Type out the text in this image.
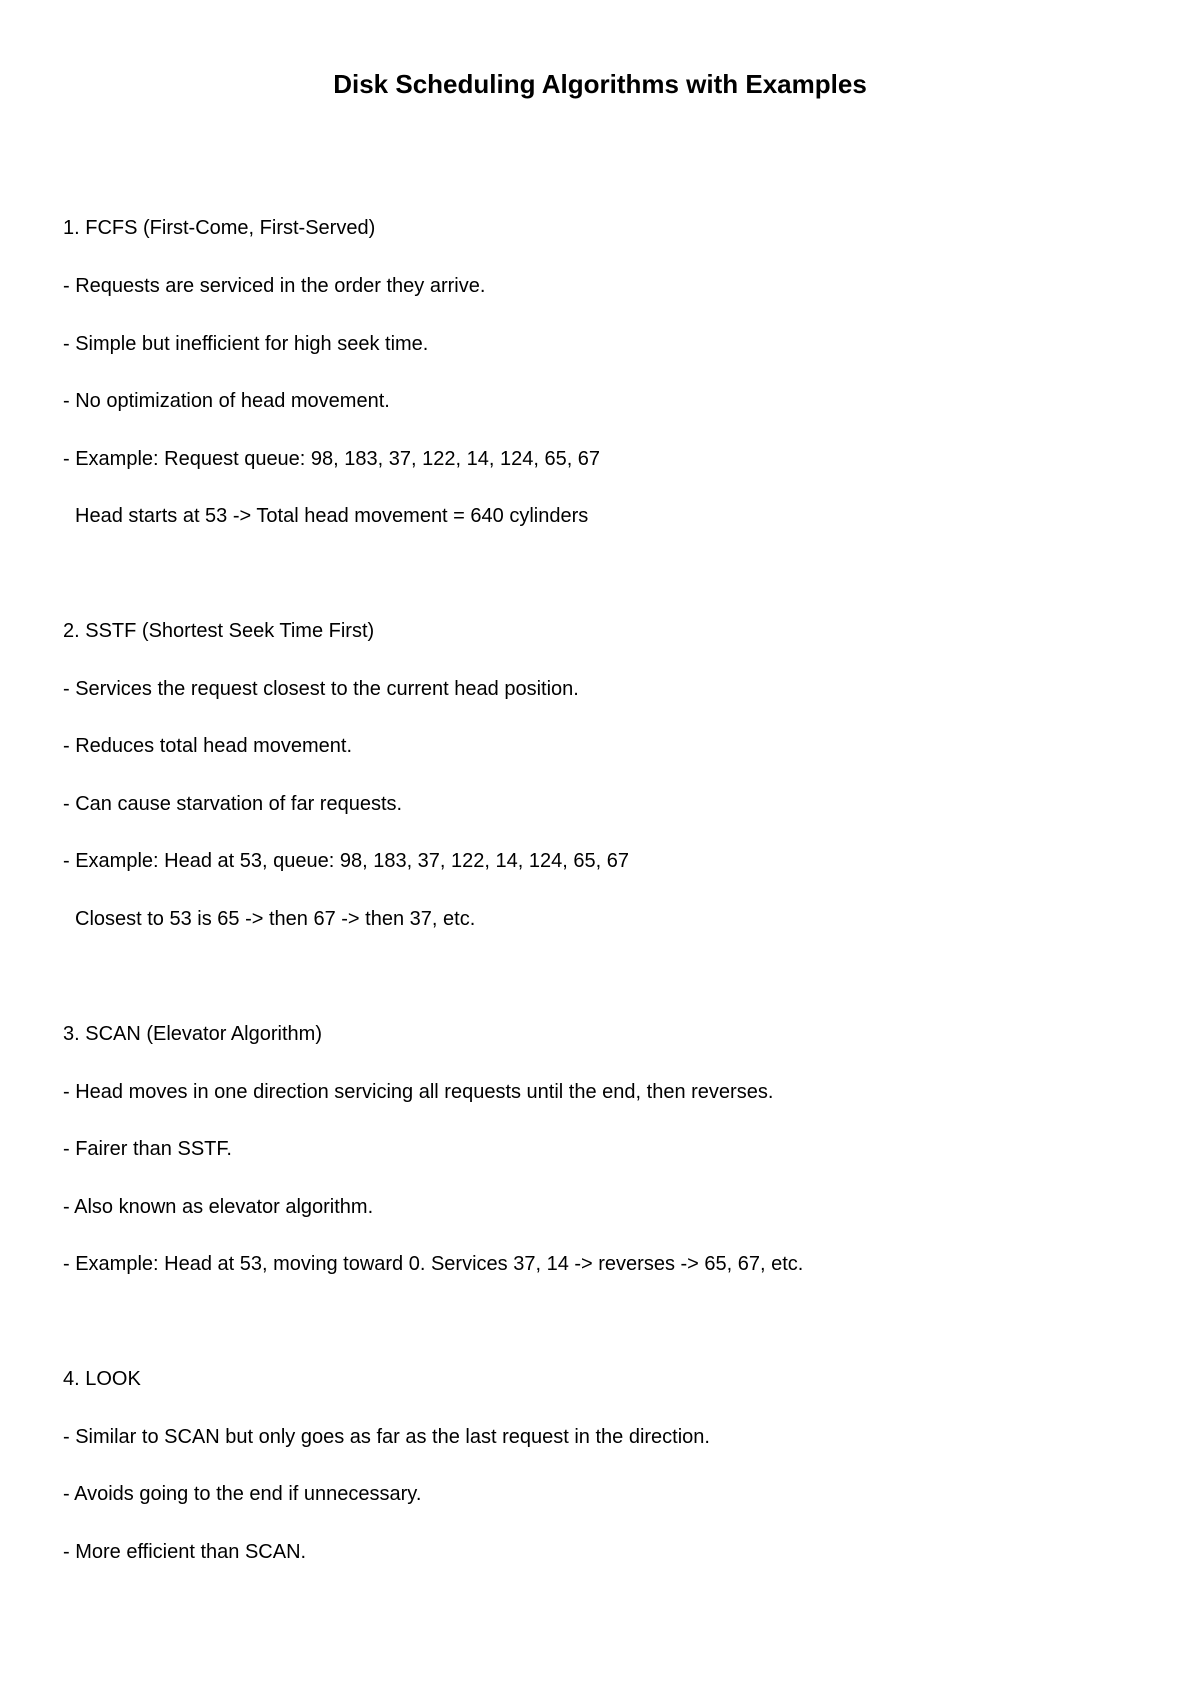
Disk Scheduling Algorithms with Examples

1. FCFS (First-Come, First-Served)

- Requests are serviced in the order they arrive.

- Simple but inefficient for high seek time.

- No optimization of head movement.

- Example: Request queue: 98, 183, 37, 122, 14, 124, 65, 67

Head starts at 53 -> Total head movement = 640 cylinders

2. SSTF (Shortest Seek Time First)

- Services the request closest to the current head position.

- Reduces total head movement.

- Can cause starvation of far requests.

- Example: Head at 53, queue: 98, 183, 37, 122, 14, 124, 65, 67

Closest to 53 is 65 -> then 67 -> then 37, etc.

3. SCAN (Elevator Algorithm)

- Head moves in one direction servicing all requests until the end, then reverses.

- Fairer than SSTF.

- Also known as elevator algorithm.

- Example: Head at 53, moving toward 0. Services 37, 14 -> reverses -> 65, 67, etc.

4. LOOK

- Similar to SCAN but only goes as far as the last request in the direction.

- Avoids going to the end if unnecessary.

- More efficient than SCAN.
